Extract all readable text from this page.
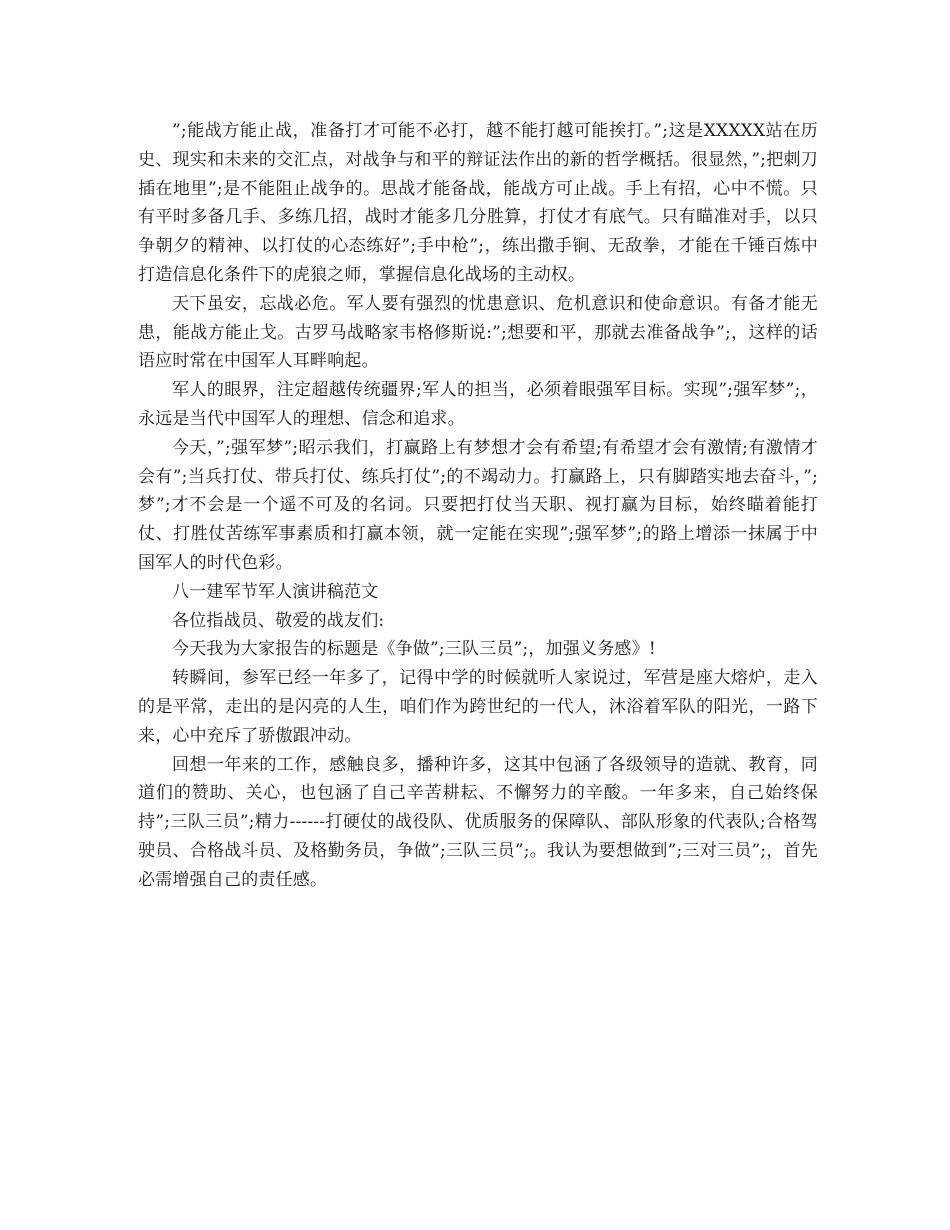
”;能战方能止战，准备打才可能不必打，越不能打越可能挨打。”;这是XXXXX站在历史、现实和未来的交汇点，对战争与和平的辩证法作出的新的哲学概括。很显然，”;把刺刀插在地里”;是不能阻止战争的。思战才能备战，能战方可止战。手上有招，心中不慌。只有平时多备几手、多练几招，战时才能多几分胜算，打仗才有底气。只有瞄准对手，以只争朝夕的精神、以打仗的心态练好”;手中枪”;，练出撒手锏、无敌拳，才能在千锤百炼中打造信息化条件下的虎狼之师，掌握信息化战场的主动权。

天下虽安，忘战必危。军人要有强烈的忧患意识、危机意识和使命意识。有备才能无患，能战方能止戈。古罗马战略家韦格修斯说:”;想要和平，那就去准备战争”;，这样的话语应时常在中国军人耳畔响起。

军人的眼界，注定超越传统疆界;军人的担当，必须着眼强军目标。实现”;强军梦”;，永远是当代中国军人的理想、信念和追求。

今天，”;强军梦”;昭示我们，打赢路上有梦想才会有希望;有希望才会有激情;有激情才会有”;当兵打仗、带兵打仗、练兵打仗”;的不竭动力。打赢路上，只有脚踏实地去奋斗，”;梦”;才不会是一个遥不可及的名词。只要把打仗当天职、视打赢为目标，始终瞄着能打仗、打胜仗苦练军事素质和打赢本领，就一定能在实现”;强军梦”;的路上增添一抹属于中国军人的时代色彩。

八一建军节军人演讲稿范文

各位指战员、敬爱的战友们:

今天我为大家报告的标题是《争做”;三队三员”;，加强义务感》!

转瞬间，参军已经一年多了，记得中学的时候就听人家说过，军营是座大熔炉，走入的是平常，走出的是闪亮的人生，咱们作为跨世纪的一代人，沐浴着军队的阳光，一路下来，心中充斥了骄傲跟冲动。

回想一年来的工作，感触良多，播种许多，这其中包涵了各级领导的造就、教育，同道们的赞助、关心，也包涵了自己辛苦耕耘、不懈努力的辛酸。一年多来，自己始终保持”;三队三员”;精力------打硬仗的战役队、优质服务的保障队、部队形象的代表队;合格驾驶员、合格战斗员、及格勤务员，争做”;三队三员”;。我认为要想做到”;三对三员”;，首先必需增强自己的责任感。
